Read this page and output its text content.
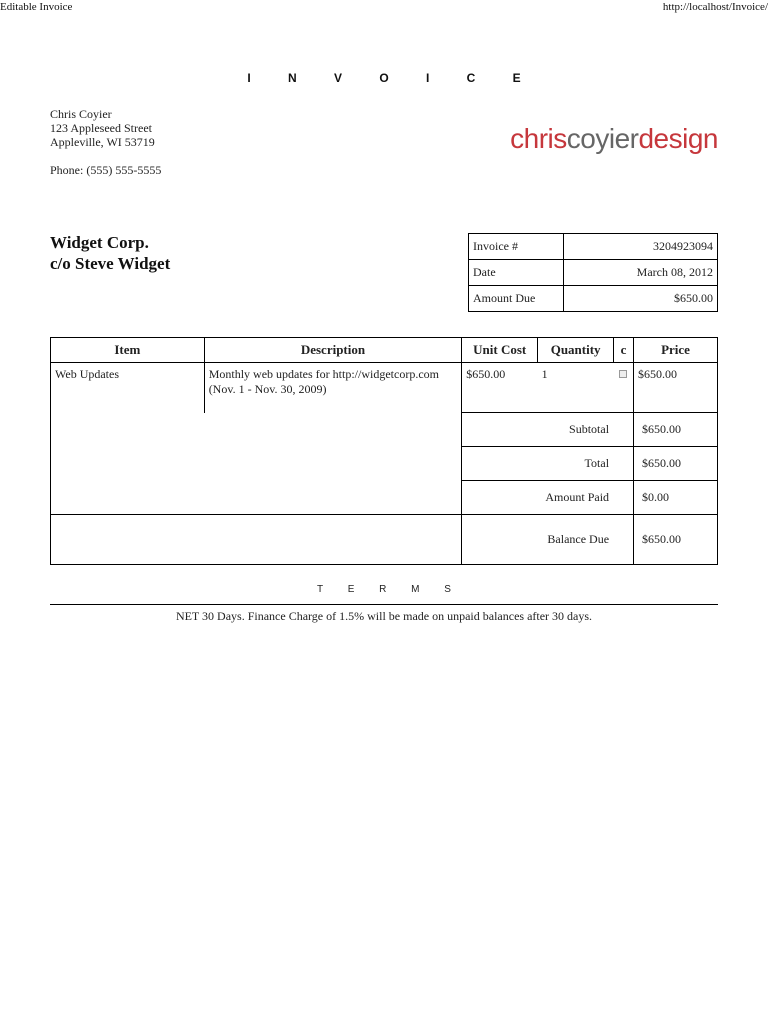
Editable Invoice	http://localhost/Invoice/
I N V O I C E
Chris Coyier
123 Appleseed Street
Appleville, WI 53719
Phone: (555) 555-5555
chriscoyierdesign
Widget Corp.
c/o Steve Widget
Invoice #	3204923094
Date	March 08, 2012
Amount Due	$650.00
Item	Description	Unit Cost	Quantity	c	Price
Web Updates	Monthly web updates for http://widgetcorp.com (Nov. 1 - Nov. 30, 2009)	$650.00	1		$650.00
		Subtotal			$650.00
		Total			$650.00
		Amount Paid			$0.00
		Balance Due			$650.00
T E R M S
NET 30 Days. Finance Charge of 1.5% will be made on unpaid balances after 30 days.
